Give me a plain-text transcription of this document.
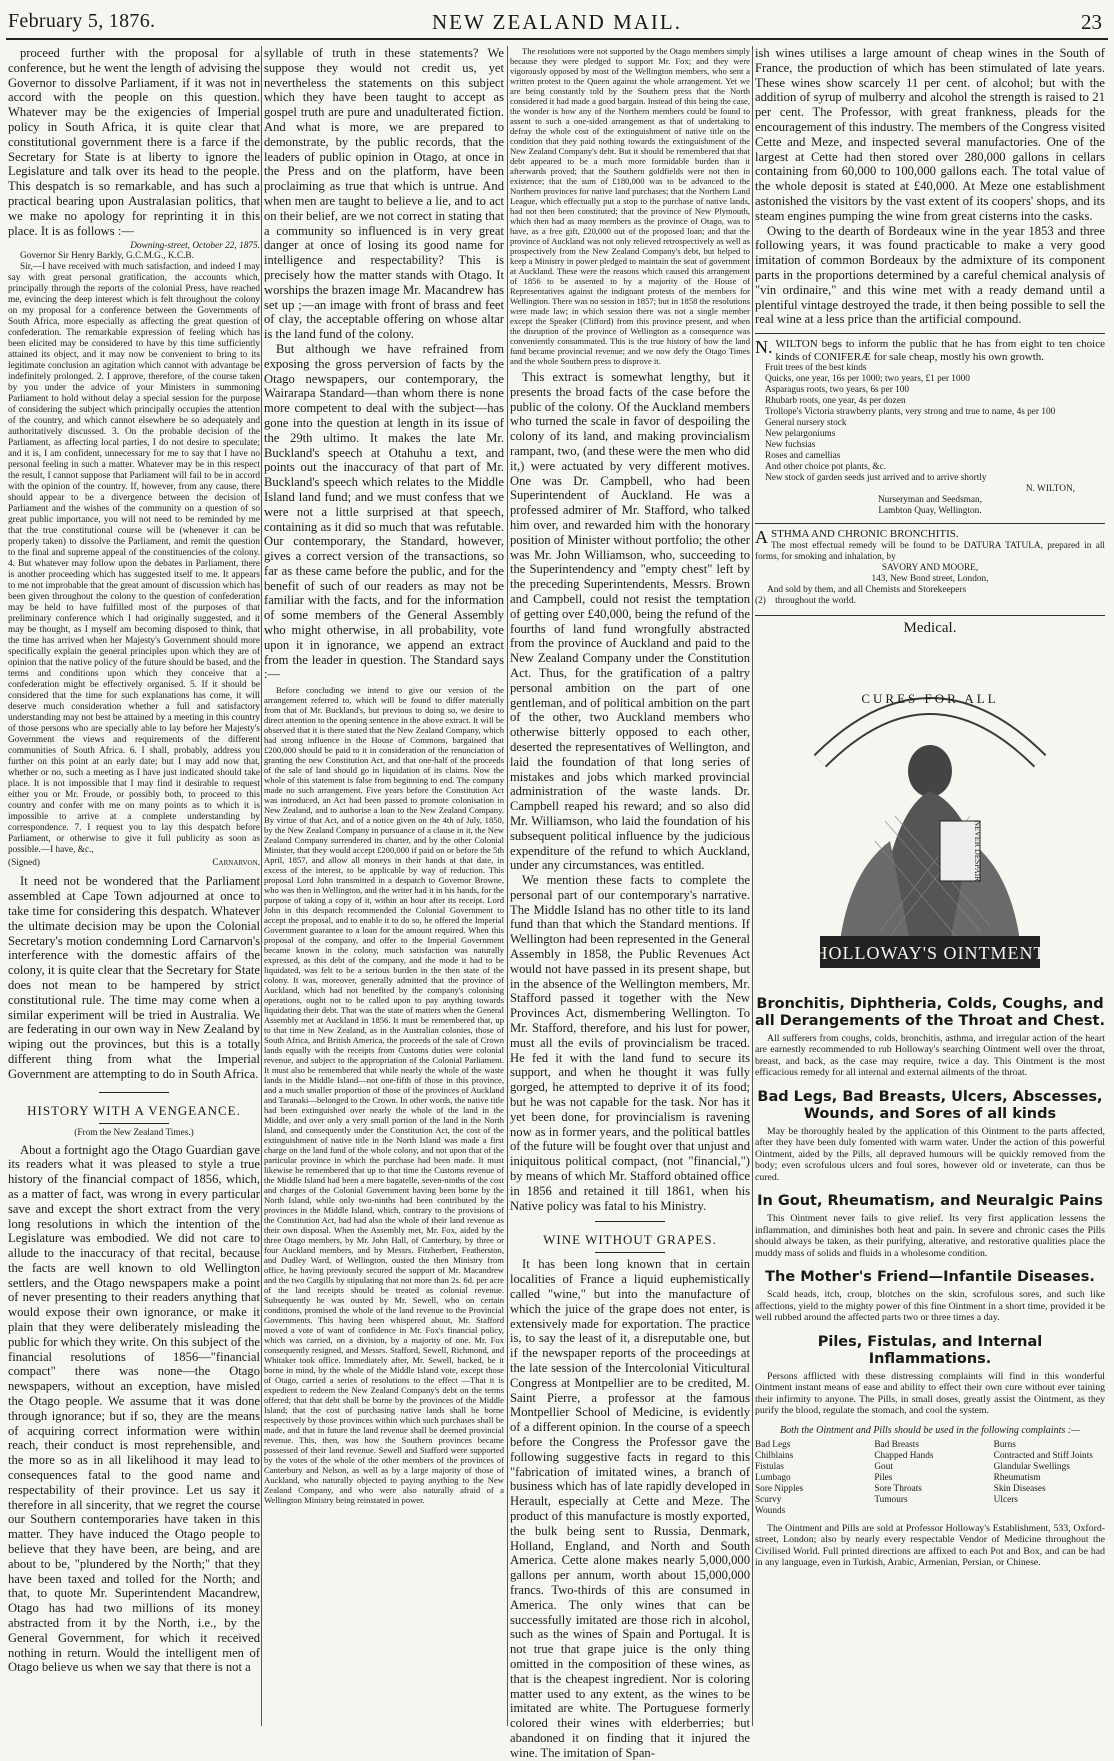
February 5, 1876.	NEW ZEALAND MAIL.	23

proceed further with the proposal for a conference, but he went the length of advising the Governor to dissolve Parliament, if it was not in accord with the people on this question. Whatever may be the exigencies of Imperial policy in South Africa, it is quite clear that constitutional government there is a farce if the Secretary for State is at liberty to ignore the Legislature and talk over its head to the people. This despatch is so remarkable, and has such a practical bearing upon Australasian politics, that we make no apology for reprinting it in this place. It is as follows :—

Downing-street, October 22, 1875.
Governor Sir Henry Barkly, G.C.M.G., K.C.B.

Sir,—I have received with much satisfaction, and indeed I may say with great personal gratification, the accounts which, principally through the reports of the colonial Press, have reached me, evincing the deep interest which is felt throughout the colony on my proposal for a conference between the Governments of South Africa, more especially as affecting the great question of confederation. The remarkable expression of feeling which has been elicited may be considered to have by this time sufficiently attained its object, and it may now be convenient to bring to its legitimate conclusion an agitation which cannot with advantage be indefinitely prolonged. 2. I approve, therefore, of the course taken by you under the advice of your Ministers in summoning Parliament to hold without delay a special session for the purpose of considering the subject which principally occupies the attention of the country, and which cannot elsewhere be so adequately and authoritatively discussed. 3. On the probable decision of the Parliament, as affecting local parties, I do not desire to speculate; and it is, I am confident, unnecessary for me to say that I have no personal feeling in such a matter. Whatever may be in this respect the result, I cannot suppose that Parliament will fail to be in accord with the opinion of the country. If, however, from any cause, there should appear to be a divergence between the decision of Parliament and the wishes of the community on a question of so great public importance, you will not need to be reminded by me that the true constitutional course will be (whenever it can be properly taken) to dissolve the Parliament, and remit the question to the final and supreme appeal of the constituencies of the colony. 4. But whatever may follow upon the debates in Parliament, there is another proceeding which has suggested itself to me. It appears to me not improbable that the great amount of discussion which has been given throughout the colony to the question of confederation may be held to have fulfilled most of the purposes of that preliminary conference which I had originally suggested, and it may be thought, as I myself am becoming disposed to think, that the time has arrived when her Majesty's Government should more specifically explain the general principles upon which they are of opinion that the native policy of the future should be based, and the terms and conditions upon which they conceive that a confederation might be effectively organised. 5. If it should be considered that the time for such explanations has come, it will deserve much consideration whether a full and satisfactory understanding may not best be attained by a meeting in this country of those persons who are specially able to lay before her Majesty's Government the views and requirements of the different communities of South Africa. 6. I shall, probably, address you further on this point at an early date; but I may add now that, whether or no, such a meeting as I have just indicated should take place. It is not impossible that I may find it desirable to request either you or Mr. Froude, or possibly both, to proceed to this country and confer with me on many points as to which it is impossible to arrive at a complete understanding by correspondence. 7. I request you to lay this despatch before Parliament, or otherwise to give it full publicity as soon as possible.—I have, &c.,

(Signed)	Carnarvon.

It need not be wondered that the Parliament assembled at Cape Town adjourned at once to take time for considering this despatch. Whatever the ultimate decision may be upon the Colonial Secretary's motion condemning Lord Carnarvon's interference with the domestic affairs of the colony, it is quite clear that the Secretary for State does not mean to be hampered by strict constitutional rule. The time may come when a similar experiment will be tried in Australia. We are federating in our own way in New Zealand by wiping out the provinces, but this is a totally different thing from what the Imperial Government are attempting to do in South Africa.

HISTORY WITH A VENGEANCE.
(From the New Zealand Times.)

About a fortnight ago the Otago Guardian gave its readers what it was pleased to style a true history of the financial compact of 1856, which, as a matter of fact, was wrong in every particular save and except the short extract from the very long resolutions in which the intention of the Legislature was embodied. We did not care to allude to the inaccuracy of that recital, because the facts are well known to old Wellington settlers, and the Otago newspapers make a point of never presenting to their readers anything that would expose their own ignorance, or make it plain that they were deliberately misleading the public for which they write. On this subject of the financial resolutions of 1856—"financial compact" there was none—the Otago newspapers, without an exception, have misled the Otago people. We assume that it was done through ignorance; but if so, they are the means of acquiring correct information were within reach, their conduct is most reprehensible, and the more so as in all likelihood it may lead to consequences fatal to the good name and respectability of their province. Let us say it therefore in all sincerity, that we regret the course our Southern contemporaries have taken in this matter. They have induced the Otago people to believe that they have been, are being, and are about to be, "plundered by the North;" that they have been taxed and tolled for the North; and that, to quote Mr. Superintendent Macandrew, Otago has had two millions of its money abstracted from it by the North, i.e., by the General Government, for which it received nothing in return. Would the intelligent men of Otago believe us when we say that there is not a

syllable of truth in these statements? We suppose they would not credit us, yet nevertheless the statements on this subject which they have been taught to accept as gospel truth are pure and unadulterated fiction. And what is more, we are prepared to demonstrate, by the public records, that the leaders of public opinion in Otago, at once in the Press and on the platform, have been proclaiming as true that which is untrue. And when men are taught to believe a lie, and to act on their belief, are we not correct in stating that a community so influenced is in very great danger at once of losing its good name for intelligence and respectability? This is precisely how the matter stands with Otago. It worships the brazen image Mr. Macandrew has set up ;—an image with front of brass and feet of clay, the acceptable offering on whose altar is the land fund of the colony.

But although we have refrained from exposing the gross perversion of facts by the Otago newspapers, our contemporary, the Wairarapa Standard—than whom there is none more competent to deal with the subject—has gone into the question at length in its issue of the 29th ultimo. It makes the late Mr. Buckland's speech at Otahuhu a text, and points out the inaccuracy of that part of Mr. Buckland's speech which relates to the Middle Island land fund; and we must confess that we were not a little surprised at that speech, containing as it did so much that was refutable. Our contemporary, the Standard, however, gives a correct version of the transactions, so far as these came before the public, and for the benefit of such of our readers as may not be familiar with the facts, and for the information of some members of the General Assembly who might otherwise, in all probability, vote upon it in ignorance, we append an extract from the leader in question. The Standard says :—

Before concluding we intend to give our version of the arrangement referred to, which will be found to differ materially from that of Mr. Buckland's, but previous to doing so, we desire to direct attention to the opening sentence in the above extract. It will be observed that it is there stated that the New Zealand Company, which had strong influence in the House of Commons, bargained that £200,000 should be paid to it in consideration of the renunciation of granting the new Constitution Act, and that one-half of the proceeds of the sale of land should go in liquidation of its claims. Now the whole of this statement is false from beginning to end. The company made no such arrangement. Five years before the Constitution Act was introduced, an Act had been passed to promote colonisation in New Zealand, and to authorise a loan to the New Zealand Company. By virtue of that Act, and of a notice given on the 4th of July, 1850, by the New Zealand Company in pursuance of a clause in it, the New Zealand Company surrendered its charter, and by the other Colonial Minister, that they would accept £200,000 if paid on or before the 5th April, 1857, and allow all moneys in their hands at that date, in excess of the interest, to be applicable by way of reduction. This proposal Lord John transmitted in a despatch to Governor Browne, who was then in Wellington, and the writer had it in his hands, for the purpose of taking a copy of it, within an hour after its receipt. Lord John in this despatch recommended the Colonial Government to accept the proposal, and to enable it to do so, he offered the Imperial Government guarantee to a loan for the amount required. When this proposal of the company, and offer to the Imperial Government became known in the colony, much satisfaction was naturally expressed, as this debt of the company, and the mode it had to be liquidated, was felt to be a serious burden in the then state of the colony. It was, moreover, generally admitted that the province of Auckland, which had not benefited by the company's colonising operations, ought not to be called upon to pay anything towards liquidating their debt. That was the state of matters when the General Assembly met at Auckland in 1856. It must be remembered that, up to that time in New Zealand, as in the Australian colonies, those of South Africa, and British America, the proceeds of the sale of Crown lands equally with the receipts from Customs duties were colonial revenue, and subject to the appropriation of the Colonial Parliament. It must also be remembered that while nearly the whole of the waste lands in the Middle Island—not one-fifth of those in this province, and a much smaller proportion of those of the provinces of Auckland and Taranaki—belonged to the Crown. In other words, the native title had been extinguished over nearly the whole of the land in the Middle, and over only a very small portion of the land in the North Island, and consequently under the Constitution Act, the cost of the extinguishment of native title in the North Island was made a first charge on the land fund of the whole colony, and not upon that of the particular province in which the purchase had been made. It must likewise be remembered that up to that time the Customs revenue of the Middle Island had been a mere bagatelle, seven-ninths of the cost and charges of the Colonial Government having been borne by the North Island, while only two-ninths had been contributed by the provinces in the Middle Island, which, contrary to the provisions of the Constitution Act, had had also the whole of their land revenue as their own disposal. When the Assembly met, Mr. Fox, aided by the three Otago members, by Mr. John Hall, of Canterbury, by three or four Auckland members, and by Messrs. Fitzherbert, Featherston, and Dudley Ward, of Wellington, ousted the then Ministry from office, he having previously secured the support of Mr. Macandrew and the two Cargills by stipulating that not more than 2s. 6d. per acre of the land receipts should be treated as colonial revenue. Subsequently he was ousted by Mr. Sewell, who on certain conditions, promised the whole of the land revenue to the Provincial Governments. This having been whispered about, Mr. Stafford moved a vote of want of confidence in Mr. Fox's financial policy, which was carried, on a division, by a majority of one. Mr. Fox consequently resigned, and Messrs. Stafford, Sewell, Richmond, and Whitaker took office. Immediately after, Mr. Sewell, backed, be it borne in mind, by the whole of the Middle Island vote, except those of Otago, carried a series of resolutions to the effect —That it is expedient to redeem the New Zealand Company's debt on the terms offered; that that debt shall be borne by the provinces of the Middle Island; that the cost of purchasing native lands shall be borne respectively by those provinces within which such purchases shall be made, and that in future the land revenue shall be deemed provincial revenue. This, then, was how the Southern provinces became possessed of their land revenue. Sewell and Stafford were supported by the votes of the whole of the other members of the provinces of Canterbury and Nelson, as well as by a large majority of those of Auckland, who naturally objected to paying anything to the New Zealand Company, and who were also naturally afraid of a Wellington Ministry being reinstated in power.

The resolutions were not supported by the Otago members simply because they were pledged to support Mr. Fox; and they were vigorously opposed by most of the Wellington members, who sent a written protest to the Queen against the whole arrangement. Yet we are being constantly told by the Southern press that the North considered it had made a good bargain. Instead of this being the case, the wonder is how any of the Northern members could be found to assent to such a one-sided arrangement as that of undertaking to defray the whole cost of the extinguishment of native title on the condition that they paid nothing towards the extinguishment of the New Zealand Company's debt. But it should be remembered that that debt appeared to be a much more formidable burden than it afterwards proved; that the Southern goldfields were not then in existence; that the sum of £180,000 was to be advanced to the Northern provinces for native land purchases; that the Northern Land League, which effectually put a stop to the purchase of native lands, had not then been constituted; that the province of New Plymouth, which then had as many members as the province of Otago, was to have, as a free gift, £20,000 out of the proposed loan; and that the province of Auckland was not only relieved retrospectively as well as prospectively from the New Zealand Company's debt, but helped to keep a Ministry in power pledged to maintain the seat of government at Auckland. These were the reasons which caused this arrangement of 1856 to be assented to by a majority of the House of Representatives against the indignant protests of the members for Wellington. There was no session in 1857; but in 1858 the resolutions were made law; in which session there was not a single member except the Speaker (Clifford) from this province present, and when the disruption of the province of Wellington as a consequence was conveniently consummated. This is the true history of how the land fund became provincial revenue; and we now defy the Otago Times and the whole Southern press to disprove it.

This extract is somewhat lengthy, but it presents the broad facts of the case before the public of the colony. Of the Auckland members who turned the scale in favor of despoiling the colony of its land, and making provincialism rampant, two, (and these were the men who did it,) were actuated by very different motives. One was Dr. Campbell, who had been Superintendent of Auckland. He was a professed admirer of Mr. Stafford, who talked him over, and rewarded him with the honorary position of Minister without portfolio; the other was Mr. John Williamson, who, succeeding to the Superintendency and "empty chest" left by the preceding Superintendents, Messrs. Brown and Campbell, could not resist the temptation of getting over £40,000, being the refund of the fourths of land fund wrongfully abstracted from the province of Auckland and paid to the New Zealand Company under the Constitution Act. Thus, for the gratification of a paltry personal ambition on the part of one gentleman, and of political ambition on the part of the other, two Auckland members who otherwise bitterly opposed to each other, deserted the representatives of Wellington, and laid the foundation of that long series of mistakes and jobs which marked provincial administration of the waste lands. Dr. Campbell reaped his reward; and so also did Mr. Williamson, who laid the foundation of his subsequent political influence by the judicious expenditure of the refund to which Auckland, under any circumstances, was entitled.

We mention these facts to complete the personal part of our contemporary's narrative. The Middle Island has no other title to its land fund than that which the Standard mentions. If Wellington had been represented in the General Assembly in 1858, the Public Revenues Act would not have passed in its present shape, but in the absence of the Wellington members, Mr. Stafford passed it together with the New Provinces Act, dismembering Wellington. To Mr. Stafford, therefore, and his lust for power, must all the evils of provincialism be traced. He fed it with the land fund to secure its support, and when he thought it was fully gorged, he attempted to deprive it of its food; but he was not capable for the task. Nor has it yet been done, for provincialism is ravening now as in former years, and the political battles of the future will be fought over that unjust and iniquitous political compact, (not "financial,") by means of which Mr. Stafford obtained office in 1856 and retained it till 1861, when his Native policy was fatal to his Ministry.

WINE WITHOUT GRAPES.

It has been long known that in certain localities of France a liquid euphemistically called "wine," but into the manufacture of which the juice of the grape does not enter, is extensively made for exportation. The practice is, to say the least of it, a disreputable one, but if the newspaper reports of the proceedings at the late session of the Intercolonial Viticultural Congress at Montpellier are to be credited, M. Saint Pierre, a professor at the famous Montpellier School of Medicine, is evidently of a different opinion. In the course of a speech before the Congress the Professor gave the following suggestive facts in regard to this "fabrication of imitated wines, a branch of business which has of late rapidly developed in Herault, especially at Cette and Meze. The product of this manufacture is mostly exported, the bulk being sent to Russia, Denmark, Holland, England, and North and South America. Cette alone makes nearly 5,000,000 gallons per annum, worth about 15,000,000 francs. Two-thirds of this are consumed in America. The only wines that can be successfully imitated are those rich in alcohol, such as the wines of Spain and Portugal. It is not true that grape juice is the only thing omitted in the composition of these wines, as that is the cheapest ingredient. Nor is coloring matter used to any extent, as the wines to be imitated are white. The Portuguese formerly colored their wines with elderberries; but abandoned it on finding that it injured the wine. The imitation of Span-

ish wines utilises a large amount of cheap wines in the South of France, the production of which has been stimulated of late years. These wines show scarcely 11 per cent. of alcohol; but with the addition of syrup of mulberry and alcohol the strength is raised to 21 per cent. The Professor, with great frankness, pleads for the encouragement of this industry. The members of the Congress visited Cette and Meze, and inspected several manufactories. One of the largest at Cette had then stored over 280,000 gallons in cellars containing from 60,000 to 100,000 gallons each. The total value of the whole deposit is stated at £40,000. At Meze one establishment astonished the visitors by the vast extent of its coopers' shops, and its steam engines pumping the wine from great cisterns into the casks.

Owing to the dearth of Bordeaux wine in the year 1853 and three following years, it was found practicable to make a very good imitation of common Bordeaux by the admixture of its component parts in the proportions determined by a careful chemical analysis of "vin ordinaire," and this wine met with a ready demand until a plentiful vintage destroyed the trade, it then being possible to sell the real wine at a less price than the artificial compound.

N. WILTON begs to inform the public that he has from eight to ten choice kinds of CONIFERÆ for sale cheap, mostly his own growth.
Fruit trees of the best kinds
Quicks, one year, 16s per 1000; two years, £1 per 1000
Asparagus roots, two years, 6s per 100
Rhubarb roots, one year, 4s per dozen
Trollope's Victoria strawberry plants, very strong and true to name, 4s per 100
General nursery stock
New pelargoniums
New fuchsias
Roses and camellias
And other choice pot plants, &c.
New stock of garden seeds just arrived and to arrive shortly
N. WILTON,
Nurseryman and Seedsman,
Lambton Quay, Wellington.
ASTHMA AND CHRONIC BRONCHITIS.
The most effectual remedy will be found to be DATURA TATULA, prepared in all forms, for smoking and inhalation, by
SAVORY AND MOORE,
143, New Bond street, London,
And sold by them, and all Chemists and Storekeepers
(2) throughout the world.
Medical.
CURES FOR ALL
NEVER DESPAIR
HOLLOWAY'S OINTMENT
Bronchitis, Diphtheria, Colds, Coughs, and all Derangements of the Throat and Chest.

All sufferers from coughs, colds, bronchitis, asthma, and irregular action of the heart are earnestly recommended to rub Holloway's searching Ointment well over the throat, breast, and back, as the case may require, twice a day. This Ointment is the most efficacious remedy for all internal and external ailments of the throat.

Bad Legs, Bad Breasts, Ulcers, Abscesses, Wounds, and Sores of all kinds

May be thoroughly healed by the application of this Ointment to the parts affected, after they have been duly fomented with warm water. Under the action of this powerful Ointment, aided by the Pills, all depraved humours will be quickly removed from the body; even scrofulous ulcers and foul sores, however old or inveterate, can thus be cured.

In Gout, Rheumatism, and Neuralgic Pains

This Ointment never fails to give relief. Its very first application lessens the inflammation, and diminishes both heat and pain. In severe and chronic cases the Pills should always be taken, as their purifying, alterative, and restorative qualities place the muddy mass of solids and fluids in a wholesome condition.

The Mother's Friend—Infantile Diseases.

Scald heads, itch, croup, blotches on the skin, scrofulous sores, and such like affections, yield to the mighty power of this fine Ointment in a short time, provided it be well rubbed around the affected parts two or three times a day.

Piles, Fistulas, and Internal Inflammations.

Persons afflicted with these distressing complaints will find in this wonderful Ointment instant means of ease and ability to effect their own cure without ever taining their infirmity to anyone. The Pills, in small doses, greatly assist the Ointment, as they purify the blood, regulate the stomach, and cool the system.

Both the Ointment and Pills should be used in the following complaints :—
Bad Legs	Bad Breasts	Burns
Chilblains	Chapped Hands	Contracted and Stiff Joints
Fistulas	Gout	Glandular Swellings
Lumbago	Piles	Rheumatism
Sore Nipples	Sore Throats	Skin Diseases
Scurvy	Tumours	Ulcers
Wounds

The Ointment and Pills are sold at Professor Holloway's Establishment, 533, Oxford-street, London; also by nearly every respectable Vendor of Medicine throughout the Civilised World. Full printed directions are affixed to each Pot and Box, and can be had in any language, even in Turkish, Arabic, Armenian, Persian, or Chinese.
